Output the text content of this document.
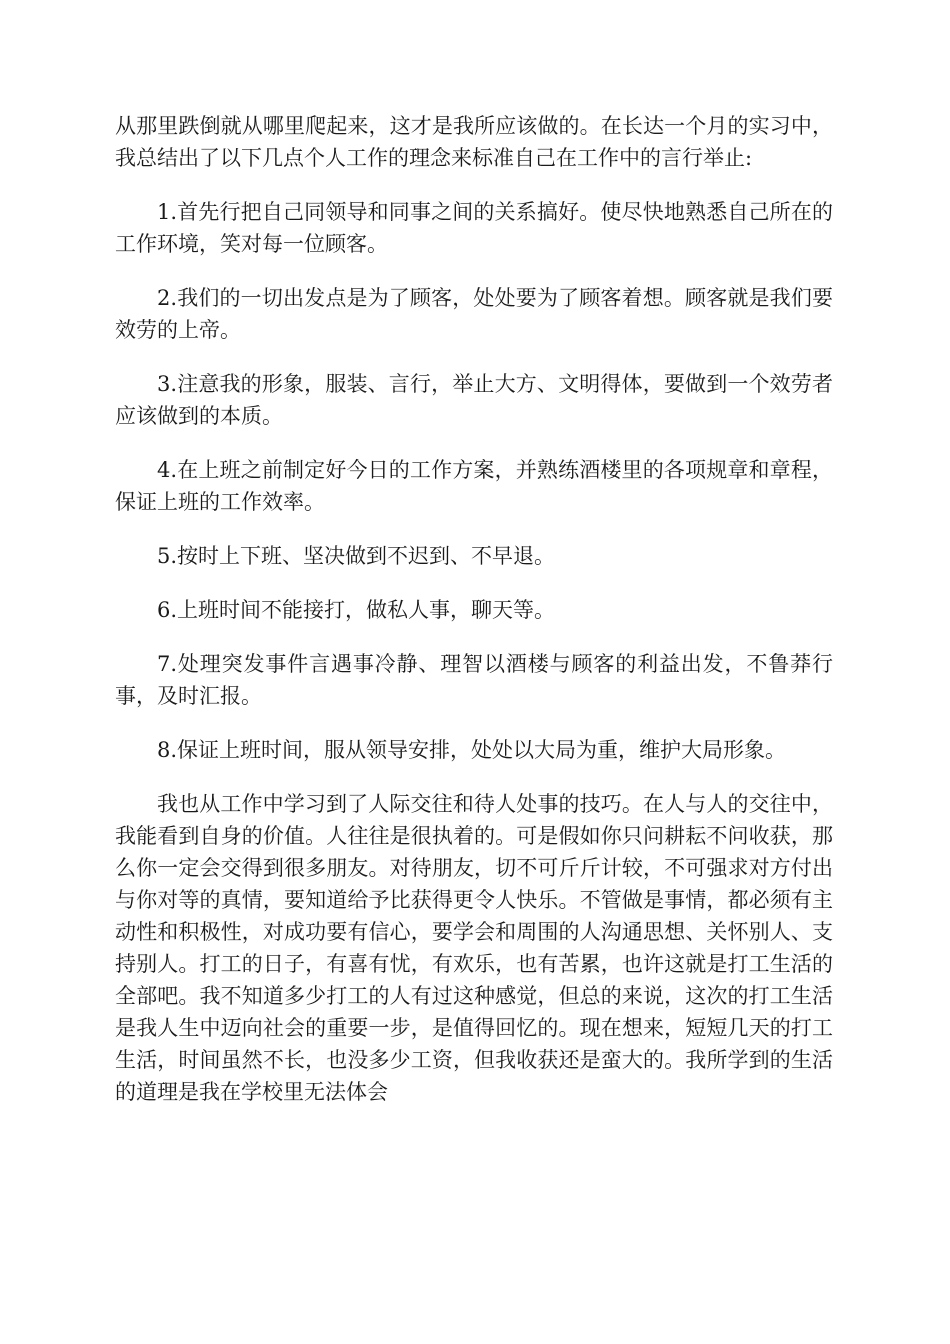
从那里跌倒就从哪里爬起来，这才是我所应该做的。在长达一个月的实习中，我总结出了以下几点个人工作的理念来标准自己在工作中的言行举止:

1.首先行把自己同领导和同事之间的关系搞好。使尽快地熟悉自己所在的工作环境，笑对每一位顾客。

2.我们的一切出发点是为了顾客，处处要为了顾客着想。顾客就是我们要效劳的上帝。

3.注意我的形象，服装、言行，举止大方、文明得体，要做到一个效劳者应该做到的本质。

4.在上班之前制定好今日的工作方案，并熟练酒楼里的各项规章和章程，保证上班的工作效率。

5.按时上下班、坚决做到不迟到、不早退。

6.上班时间不能接打，做私人事，聊天等。

7.处理突发事件言遇事冷静、理智以酒楼与顾客的利益出发，不鲁莽行事，及时汇报。

8.保证上班时间，服从领导安排，处处以大局为重，维护大局形象。

我也从工作中学习到了人际交往和待人处事的技巧。在人与人的交往中，我能看到自身的价值。人往往是很执着的。可是假如你只问耕耘不问收获，那么你一定会交得到很多朋友。对待朋友，切不可斤斤计较，不可强求对方付出与你对等的真情，要知道给予比获得更令人快乐。不管做是事情，都必须有主动性和积极性，对成功要有信心，要学会和周围的人沟通思想、关怀别人、支持别人。打工的日子，有喜有忧，有欢乐，也有苦累，也许这就是打工生活的全部吧。我不知道多少打工的人有过这种感觉，但总的来说，这次的打工生活是我人生中迈向社会的重要一步，是值得回忆的。现在想来，短短几天的打工生活，时间虽然不长，也没多少工资，但我收获还是蛮大的。我所学到的生活的道理是我在学校里无法体会
